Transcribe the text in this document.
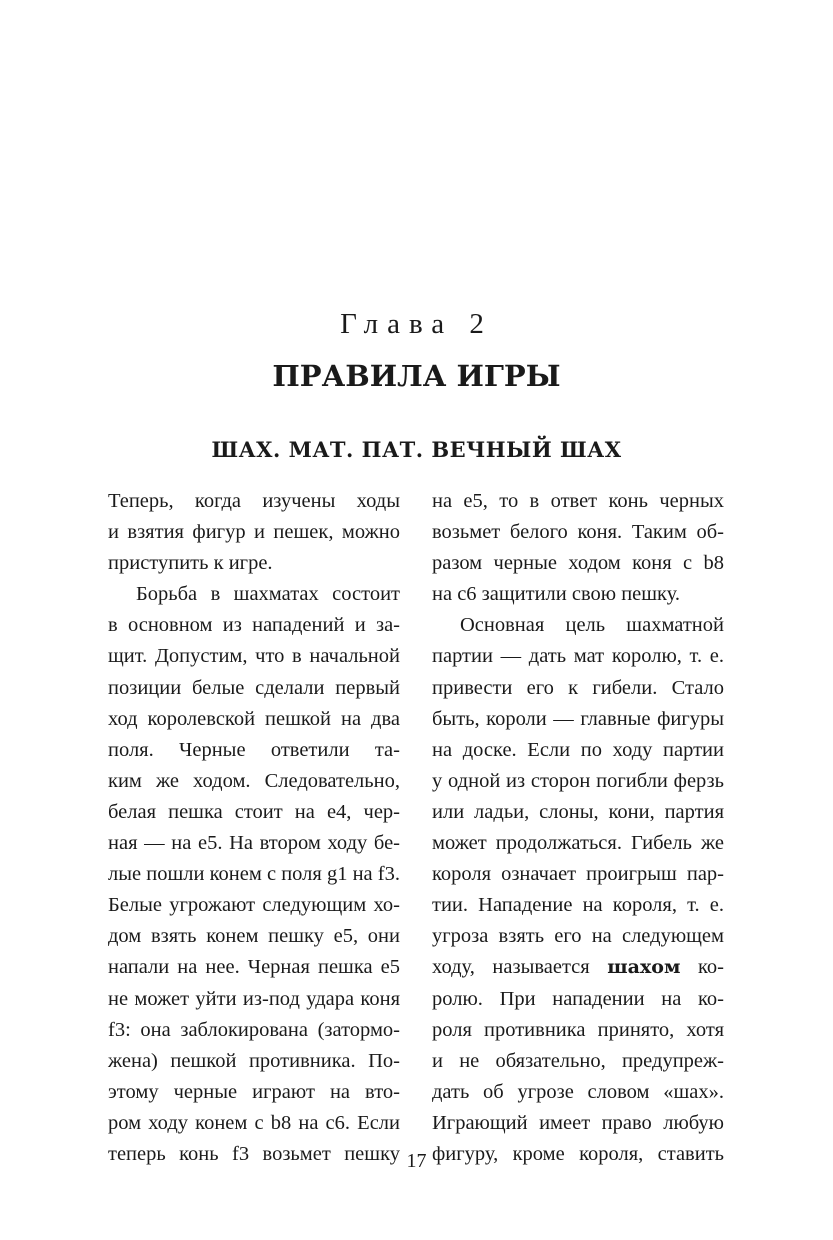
Глава 2
ПРАВИЛА ИГРЫ
ШАХ. МАТ. ПАТ. ВЕЧНЫЙ ШАХ
Теперь, когда изучены ходы
и взятия фигур и пешек, можно
приступить к игре.
Борьба в шахматах состоит
в основном из нападений и за-
щит. Допустим, что в начальной
позиции белые сделали первый
ход королевской пешкой на два
поля. Черные ответили та-
ким же ходом. Следовательно,
белая пешка стоит на e4, чер-
ная — на e5. На втором ходу бе-
лые пошли конем с поля g1 на f3.
Белые угрожают следующим хо-
дом взять конем пешку e5, они
напали на нее. Черная пешка e5
не может уйти из-под удара коня
f3: она заблокирована (затормо-
жена) пешкой противника. По-
этому черные играют на вто-
ром ходу конем с b8 на c6. Если
теперь конь f3 возьмет пешку
на e5, то в ответ конь черных
возьмет белого коня. Таким об-
разом черные ходом коня с b8
на c6 защитили свою пешку.
Основная цель шахматной
партии — дать мат королю, т. е.
привести его к гибели. Стало
быть, короли — главные фигуры
на доске. Если по ходу партии
у одной из сторон погибли ферзь
или ладьи, слоны, кони, партия
может продолжаться. Гибель же
короля означает проигрыш пар-
тии. Нападение на короля, т. е.
угроза взять его на следующем
ходу, называется шахом ко-
ролю. При нападении на ко-
роля противника принято, хотя
и не обязательно, предупреж-
дать об угрозе словом «шах».
Играющий имеет право любую
фигуру, кроме короля, ставить
17
